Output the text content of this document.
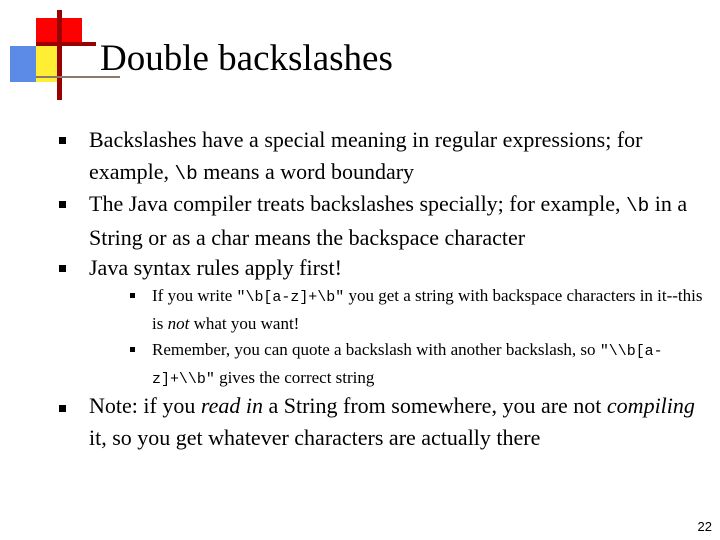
Double backslashes
Backslashes have a special meaning in regular expressions; for example, \b means a word boundary
The Java compiler treats backslashes specially; for example, \b in a String or as a char means the backspace character
Java syntax rules apply first!
If you write "\b[a-z]+\b" you get a string with backspace characters in it--this is not what you want!
Remember, you can quote a backslash with another backslash, so "\\b[a-z]+\\b" gives the correct string
Note: if you read in a String from somewhere, you are not compiling it, so you get whatever characters are actually there
22
